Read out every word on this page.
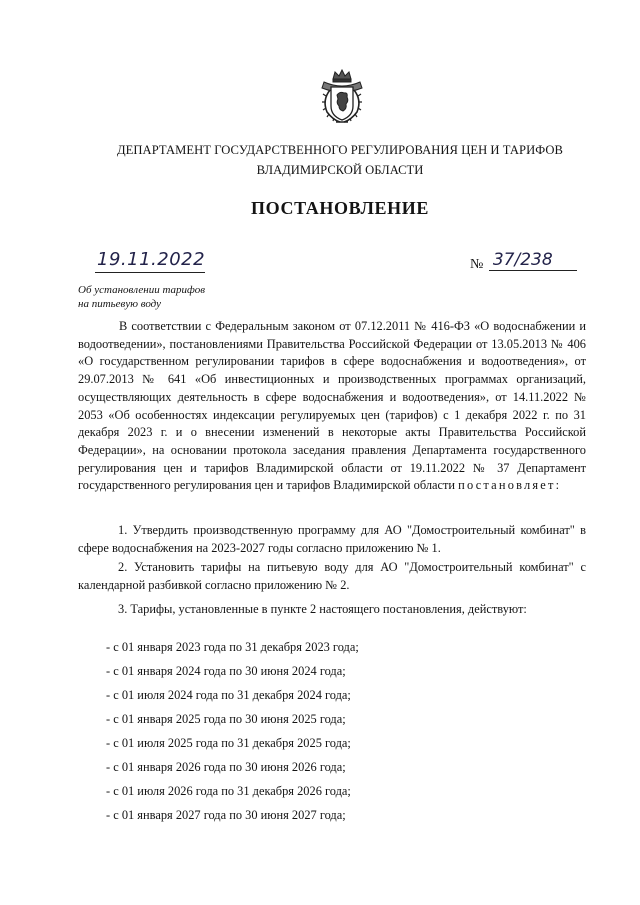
ДЕПАРТАМЕНТ ГОСУДАРСТВЕННОГО РЕГУЛИРОВАНИЯ ЦЕН И ТАРИФОВ
ВЛАДИМИРСКОЙ ОБЛАСТИ
ПОСТАНОВЛЕНИЕ
19.11.2022	№ 37/238
Об установлении тарифов
на питьевую воду
В соответствии с Федеральным законом от 07.12.2011 № 416-ФЗ «О водоснабжении и водоотведении», постановлениями Правительства Российской Федерации от 13.05.2013 № 406 «О государственном регулировании тарифов в сфере водоснабжения и водоотведения», от 29.07.2013 № 641 «Об инвестиционных и производственных программах организаций, осуществляющих деятельность в сфере водоснабжения и водоотведения», от 14.11.2022 № 2053 «Об особенностях индексации регулируемых цен (тарифов) с 1 декабря 2022 г. по 31 декабря 2023 г. и о внесении изменений в некоторые акты Правительства Российской Федерации», на основании протокола заседания правления Департамента государственного регулирования цен и тарифов Владимирской области от 19.11.2022 № 37 Департамент государственного регулирования цен и тарифов Владимирской области постановляет:
1. Утвердить производственную программу для АО "Домостроительный комбинат" в сфере водоснабжения на 2023-2027 годы согласно приложению № 1.
2. Установить тарифы на питьевую воду для АО "Домостроительный комбинат" с календарной разбивкой согласно приложению № 2.
3. Тарифы, установленные в пункте 2 настоящего постановления, действуют:
- с 01 января 2023 года по 31 декабря 2023 года;
- с 01 января 2024 года по 30 июня 2024 года;
- с 01 июля 2024 года по 31 декабря 2024 года;
- с 01 января 2025 года по 30 июня 2025 года;
- с 01 июля 2025 года по 31 декабря 2025 года;
- с 01 января 2026 года по 30 июня 2026 года;
- с 01 июля 2026 года по 31 декабря 2026 года;
- с 01 января 2027 года по 30 июня 2027 года;
